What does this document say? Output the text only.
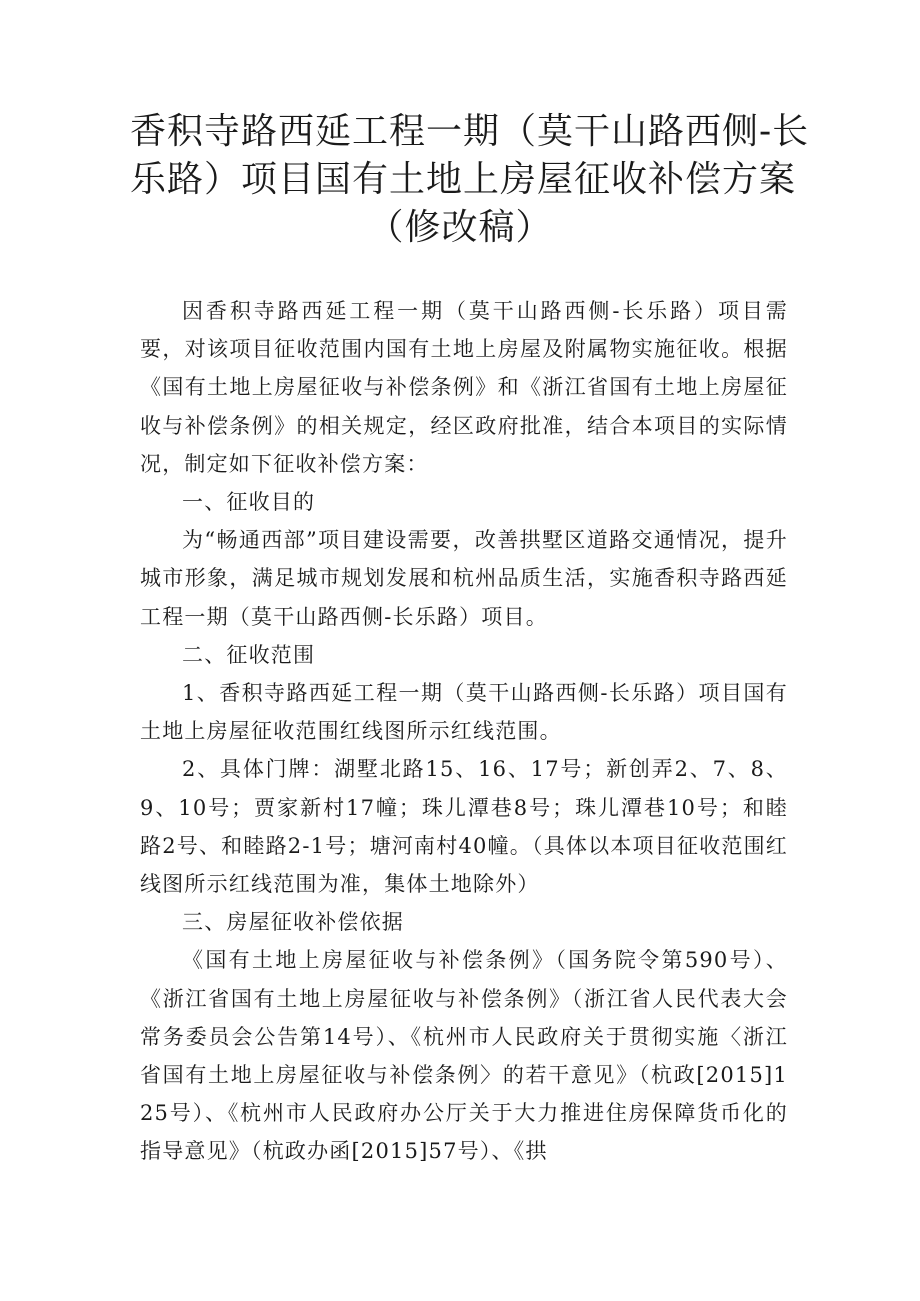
香积寺路西延工程一期（莫干山路西侧-长
乐路）项目国有土地上房屋征收补偿方案
（修改稿）

因香积寺路西延工程一期（莫干山路西侧-长乐路）项目需要，对该项目征收范围内国有土地上房屋及附属物实施征收。根据《国有土地上房屋征收与补偿条例》和《浙江省国有土地上房屋征收与补偿条例》的相关规定，经区政府批准，结合本项目的实际情况，制定如下征收补偿方案：

一、征收目的

为“畅通西部”项目建设需要，改善拱墅区道路交通情况，提升城市形象，满足城市规划发展和杭州品质生活，实施香积寺路西延工程一期（莫干山路西侧-长乐路）项目。

二、征收范围

1、香积寺路西延工程一期（莫干山路西侧-长乐路）项目国有土地上房屋征收范围红线图所示红线范围。

2、具体门牌：湖墅北路15、16、17号；新创弄2、7、8、9、10号；贾家新村17幢；珠儿潭巷8号；珠儿潭巷10号；和睦路2号、和睦路2-1号；塘河南村40幢。（具体以本项目征收范围红线图所示红线范围为准，集体土地除外）

三、房屋征收补偿依据

《国有土地上房屋征收与补偿条例》（国务院令第590号）、《浙江省国有土地上房屋征收与补偿条例》（浙江省人民代表大会常务委员会公告第14号）、《杭州市人民政府关于贯彻实施〈浙江省国有土地上房屋征收与补偿条例〉的若干意见》（杭政[2015]125号）、《杭州市人民政府办公厅关于大力推进住房保障货币化的指导意见》（杭政办函[2015]57号）、《拱
